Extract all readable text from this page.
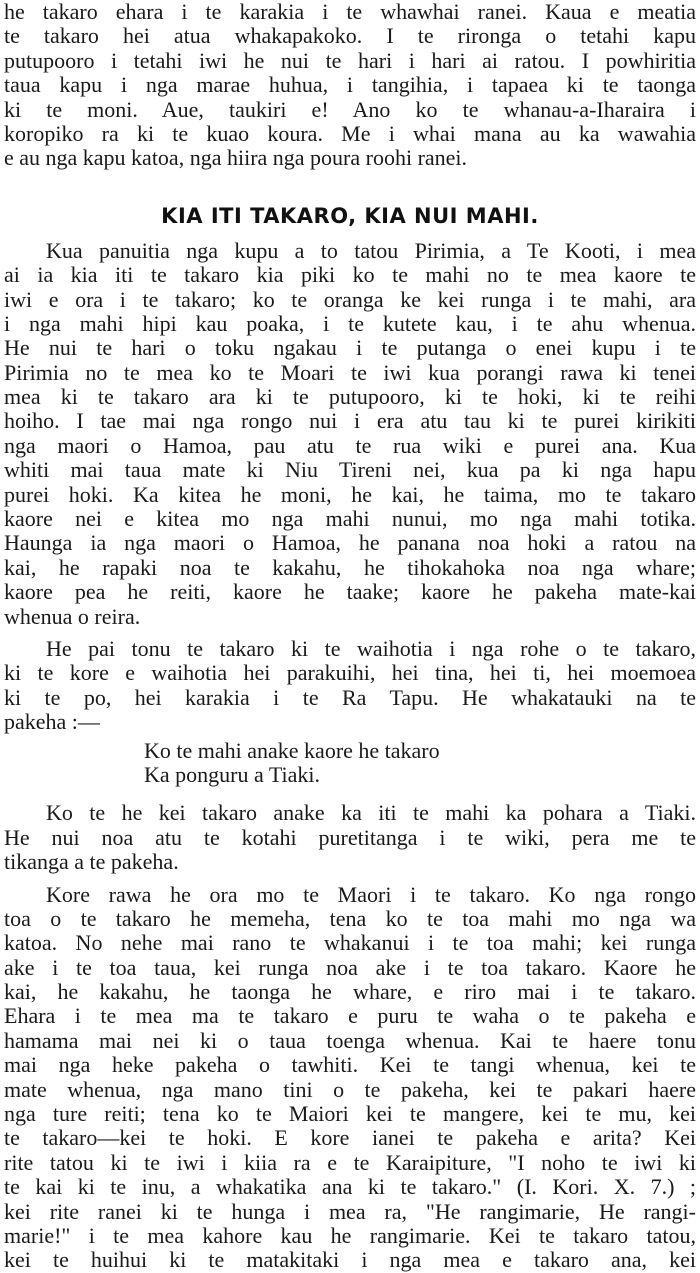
he takaro ehara i te karakia i te whawhai ranei. Kaua e meatia
te takaro hei atua whakapakoko. I te rironga o tetahi kapu
putupooro i tetahi iwi he nui te hari i hari ai ratou. I powhiritia
taua kapu i nga marae huhua, i tangihia, i tapaea ki te taonga
ki te moni. Aue, taukiri e! Ano ko te whanau-a-Iharaira i
koropiko ra ki te kuao koura. Me i whai mana au ka wawahia
e au nga kapu katoa, nga hiira nga poura roohi ranei.
KIA ITI TAKARO, KIA NUI MAHI.
Kua panuitia nga kupu a to tatou Pirimia, a Te Kooti, i mea
ai ia kia iti te takaro kia piki ko te mahi no te mea kaore te
iwi e ora i te takaro; ko te oranga ke kei runga i te mahi, ara
i nga mahi hipi kau poaka, i te kutete kau, i te ahu whenua.
He nui te hari o toku ngakau i te putanga o enei kupu i te
Pirimia no te mea ko te Moari te iwi kua porangi rawa ki tenei
mea ki te takaro ara ki te putupooro, ki te hoki, ki te reihi
hoiho. I tae mai nga rongo nui i era atu tau ki te purei kirikiti
nga maori o Hamoa, pau atu te rua wiki e purei ana. Kua
whiti mai taua mate ki Niu Tireni nei, kua pa ki nga hapu
purei hoki. Ka kitea he moni, he kai, he taima, mo te takaro
kaore nei e kitea mo nga mahi nunui, mo nga mahi totika.
Haunga ia nga maori o Hamoa, he panana noa hoki a ratou na
kai, he rapaki noa te kakahu, he tihokahoka noa nga whare;
kaore pea he reiti, kaore he taake; kaore he pakeha mate-kai
whenua o reira.
He pai tonu te takaro ki te waihotia i nga rohe o te takaro,
ki te kore e waihotia hei parakuihi, hei tina, hei ti, hei moemoea
ki te po, hei karakia i te Ra Tapu. He whakatauki na te
pakeha :—
Ko te mahi anake kaore he takaro
Ka ponguru a Tiaki.
Ko te he kei takaro anake ka iti te mahi ka pohara a Tiaki.
He nui noa atu te kotahi puretitanga i te wiki, pera me te
tikanga a te pakeha.
Kore rawa he ora mo te Maori i te takaro. Ko nga rongo
toa o te takaro he memeha, tena ko te toa mahi mo nga wa
katoa. No nehe mai rano te whakanui i te toa mahi; kei runga
ake i te toa taua, kei runga noa ake i te toa takaro. Kaore he
kai, he kakahu, he taonga he whare, e riro mai i te takaro.
Ehara i te mea ma te takaro e puru te waha o te pakeha e
hamama mai nei ki o taua toenga whenua. Kai te haere tonu
mai nga heke pakeha o tawhiti. Kei te tangi whenua, kei te
mate whenua, nga mano tini o te pakeha, kei te pakari haere
nga ture reiti; tena ko te Maiori kei te mangere, kei te mu, kei
te takaro—kei te hoki. E kore ianei te pakeha e arita? Kei
rite tatou ki te iwi i kiia ra e te Karaipiture, "I noho te iwi ki
te kai ki te inu, a whakatika ana ki te takaro." (I. Kori. X. 7.) ;
kei rite ranei ki te hunga i mea ra, "He rangimarie, He rangi-
marie!" i te mea kahore kau he rangimarie. Kei te takaro tatou,
kei te huihui ki te matakitaki i nga mea e takaro ana, kei
